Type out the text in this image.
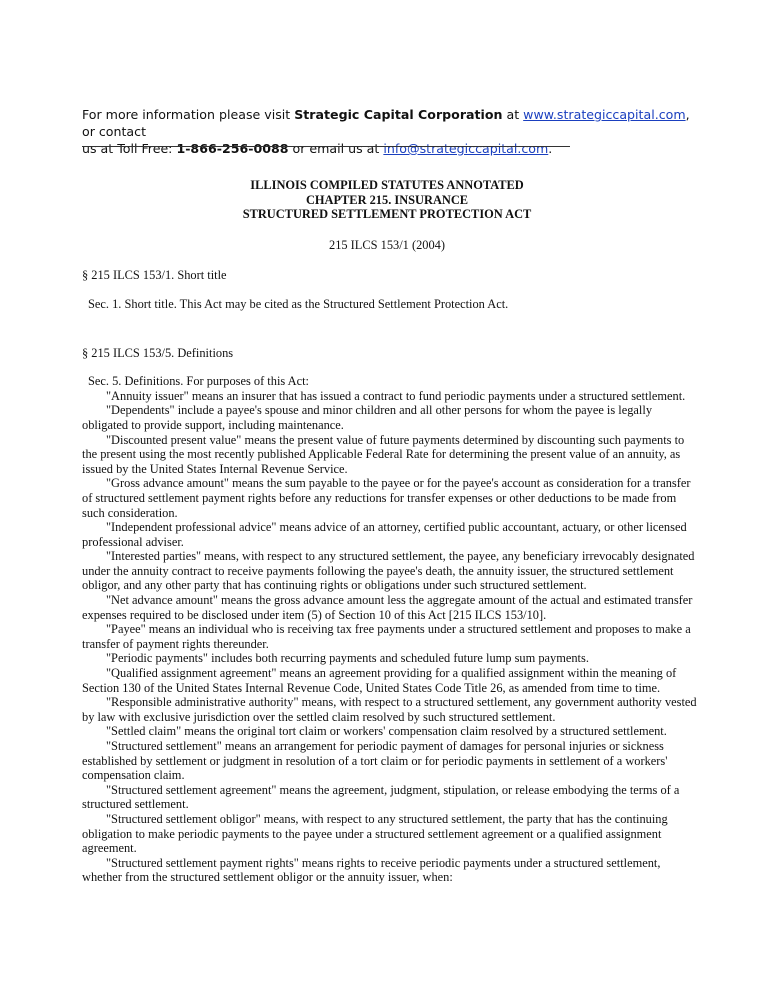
For more information please visit Strategic Capital Corporation at www.strategiccapital.com, or contact
us at Toll Free: 1-866-256-0088 or email us at info@strategiccapital.com.
ILLINOIS COMPILED STATUTES ANNOTATED
CHAPTER 215. INSURANCE
STRUCTURED SETTLEMENT PROTECTION ACT
215 ILCS 153/1 (2004)

§ 215 ILCS 153/1. Short title

Sec. 1. Short title. This Act may be cited as the Structured Settlement Protection Act.

§ 215 ILCS 153/5. Definitions

Sec. 5. Definitions. For purposes of this Act:

"Annuity issuer" means an insurer that has issued a contract to fund periodic payments under a structured settlement.

"Dependents" include a payee's spouse and minor children and all other persons for whom the payee is legally obligated to provide support, including maintenance.

"Discounted present value" means the present value of future payments determined by discounting such payments to the present using the most recently published Applicable Federal Rate for determining the present value of an annuity, as issued by the United States Internal Revenue Service.

"Gross advance amount" means the sum payable to the payee or for the payee's account as consideration for a transfer of structured settlement payment rights before any reductions for transfer expenses or other deductions to be made from such consideration.

"Independent professional advice" means advice of an attorney, certified public accountant, actuary, or other licensed professional adviser.

"Interested parties" means, with respect to any structured settlement, the payee, any beneficiary irrevocably designated under the annuity contract to receive payments following the payee's death, the annuity issuer, the structured settlement obligor, and any other party that has continuing rights or obligations under such structured settlement.

"Net advance amount" means the gross advance amount less the aggregate amount of the actual and estimated transfer expenses required to be disclosed under item (5) of Section 10 of this Act [215 ILCS 153/10].

"Payee" means an individual who is receiving tax free payments under a structured settlement and proposes to make a transfer of payment rights thereunder.

"Periodic payments" includes both recurring payments and scheduled future lump sum payments.

"Qualified assignment agreement" means an agreement providing for a qualified assignment within the meaning of Section 130 of the United States Internal Revenue Code, United States Code Title 26, as amended from time to time.

"Responsible administrative authority" means, with respect to a structured settlement, any government authority vested by law with exclusive jurisdiction over the settled claim resolved by such structured settlement.

"Settled claim" means the original tort claim or workers' compensation claim resolved by a structured settlement.

"Structured settlement" means an arrangement for periodic payment of damages for personal injuries or sickness established by settlement or judgment in resolution of a tort claim or for periodic payments in settlement of a workers' compensation claim.

"Structured settlement agreement" means the agreement, judgment, stipulation, or release embodying the terms of a structured settlement.

"Structured settlement obligor" means, with respect to any structured settlement, the party that has the continuing obligation to make periodic payments to the payee under a structured settlement agreement or a qualified assignment agreement.

"Structured settlement payment rights" means rights to receive periodic payments under a structured settlement, whether from the structured settlement obligor or the annuity issuer, when:
